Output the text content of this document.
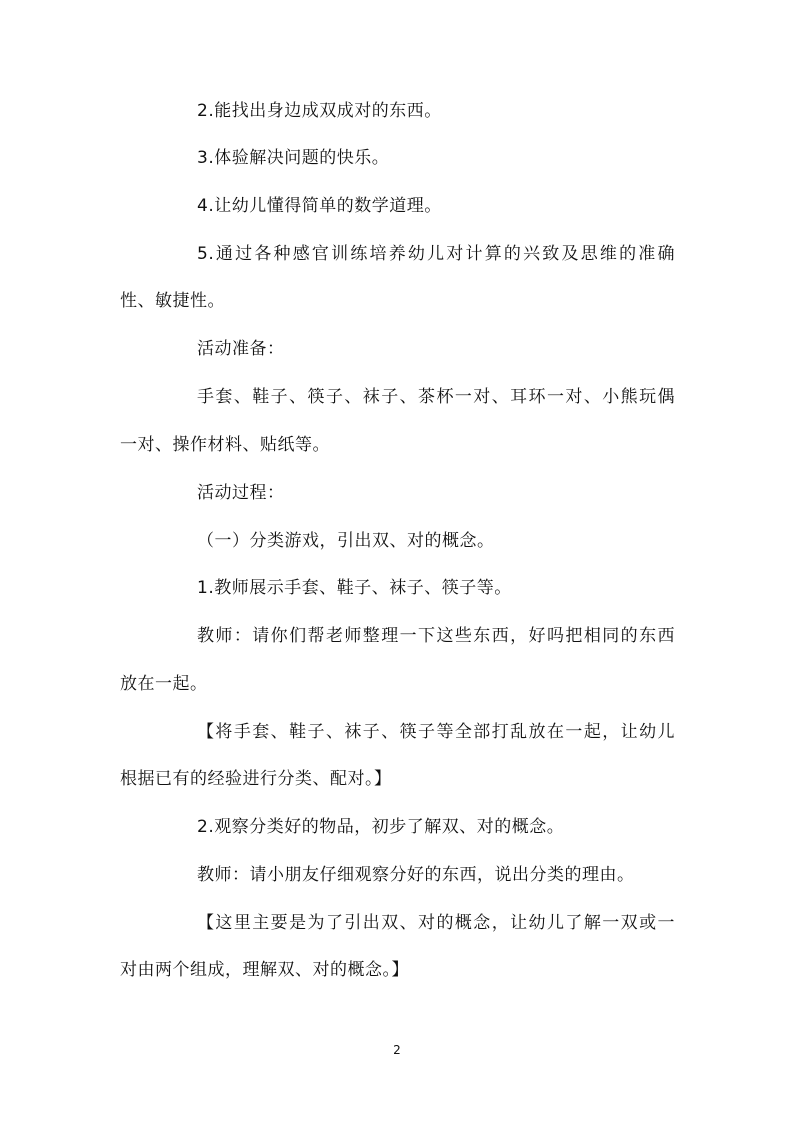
2.能找出身边成双成对的东西。
3.体验解决问题的快乐。
4.让幼儿懂得简单的数学道理。
5.通过各种感官训练培养幼儿对计算的兴致及思维的准确
性、敏捷性。
活动准备：
手套、鞋子、筷子、袜子、茶杯一对、耳环一对、小熊玩偶
一对、操作材料、贴纸等。
活动过程：
（一）分类游戏，引出双、对的概念。
1.教师展示手套、鞋子、袜子、筷子等。
教师：请你们帮老师整理一下这些东西，好吗把相同的东西
放在一起。
【将手套、鞋子、袜子、筷子等全部打乱放在一起，让幼儿
根据已有的经验进行分类、配对。】
2.观察分类好的物品，初步了解双、对的概念。
教师：请小朋友仔细观察分好的东西，说出分类的理由。
【这里主要是为了引出双、对的概念，让幼儿了解一双或一
对由两个组成，理解双、对的概念。】
2
